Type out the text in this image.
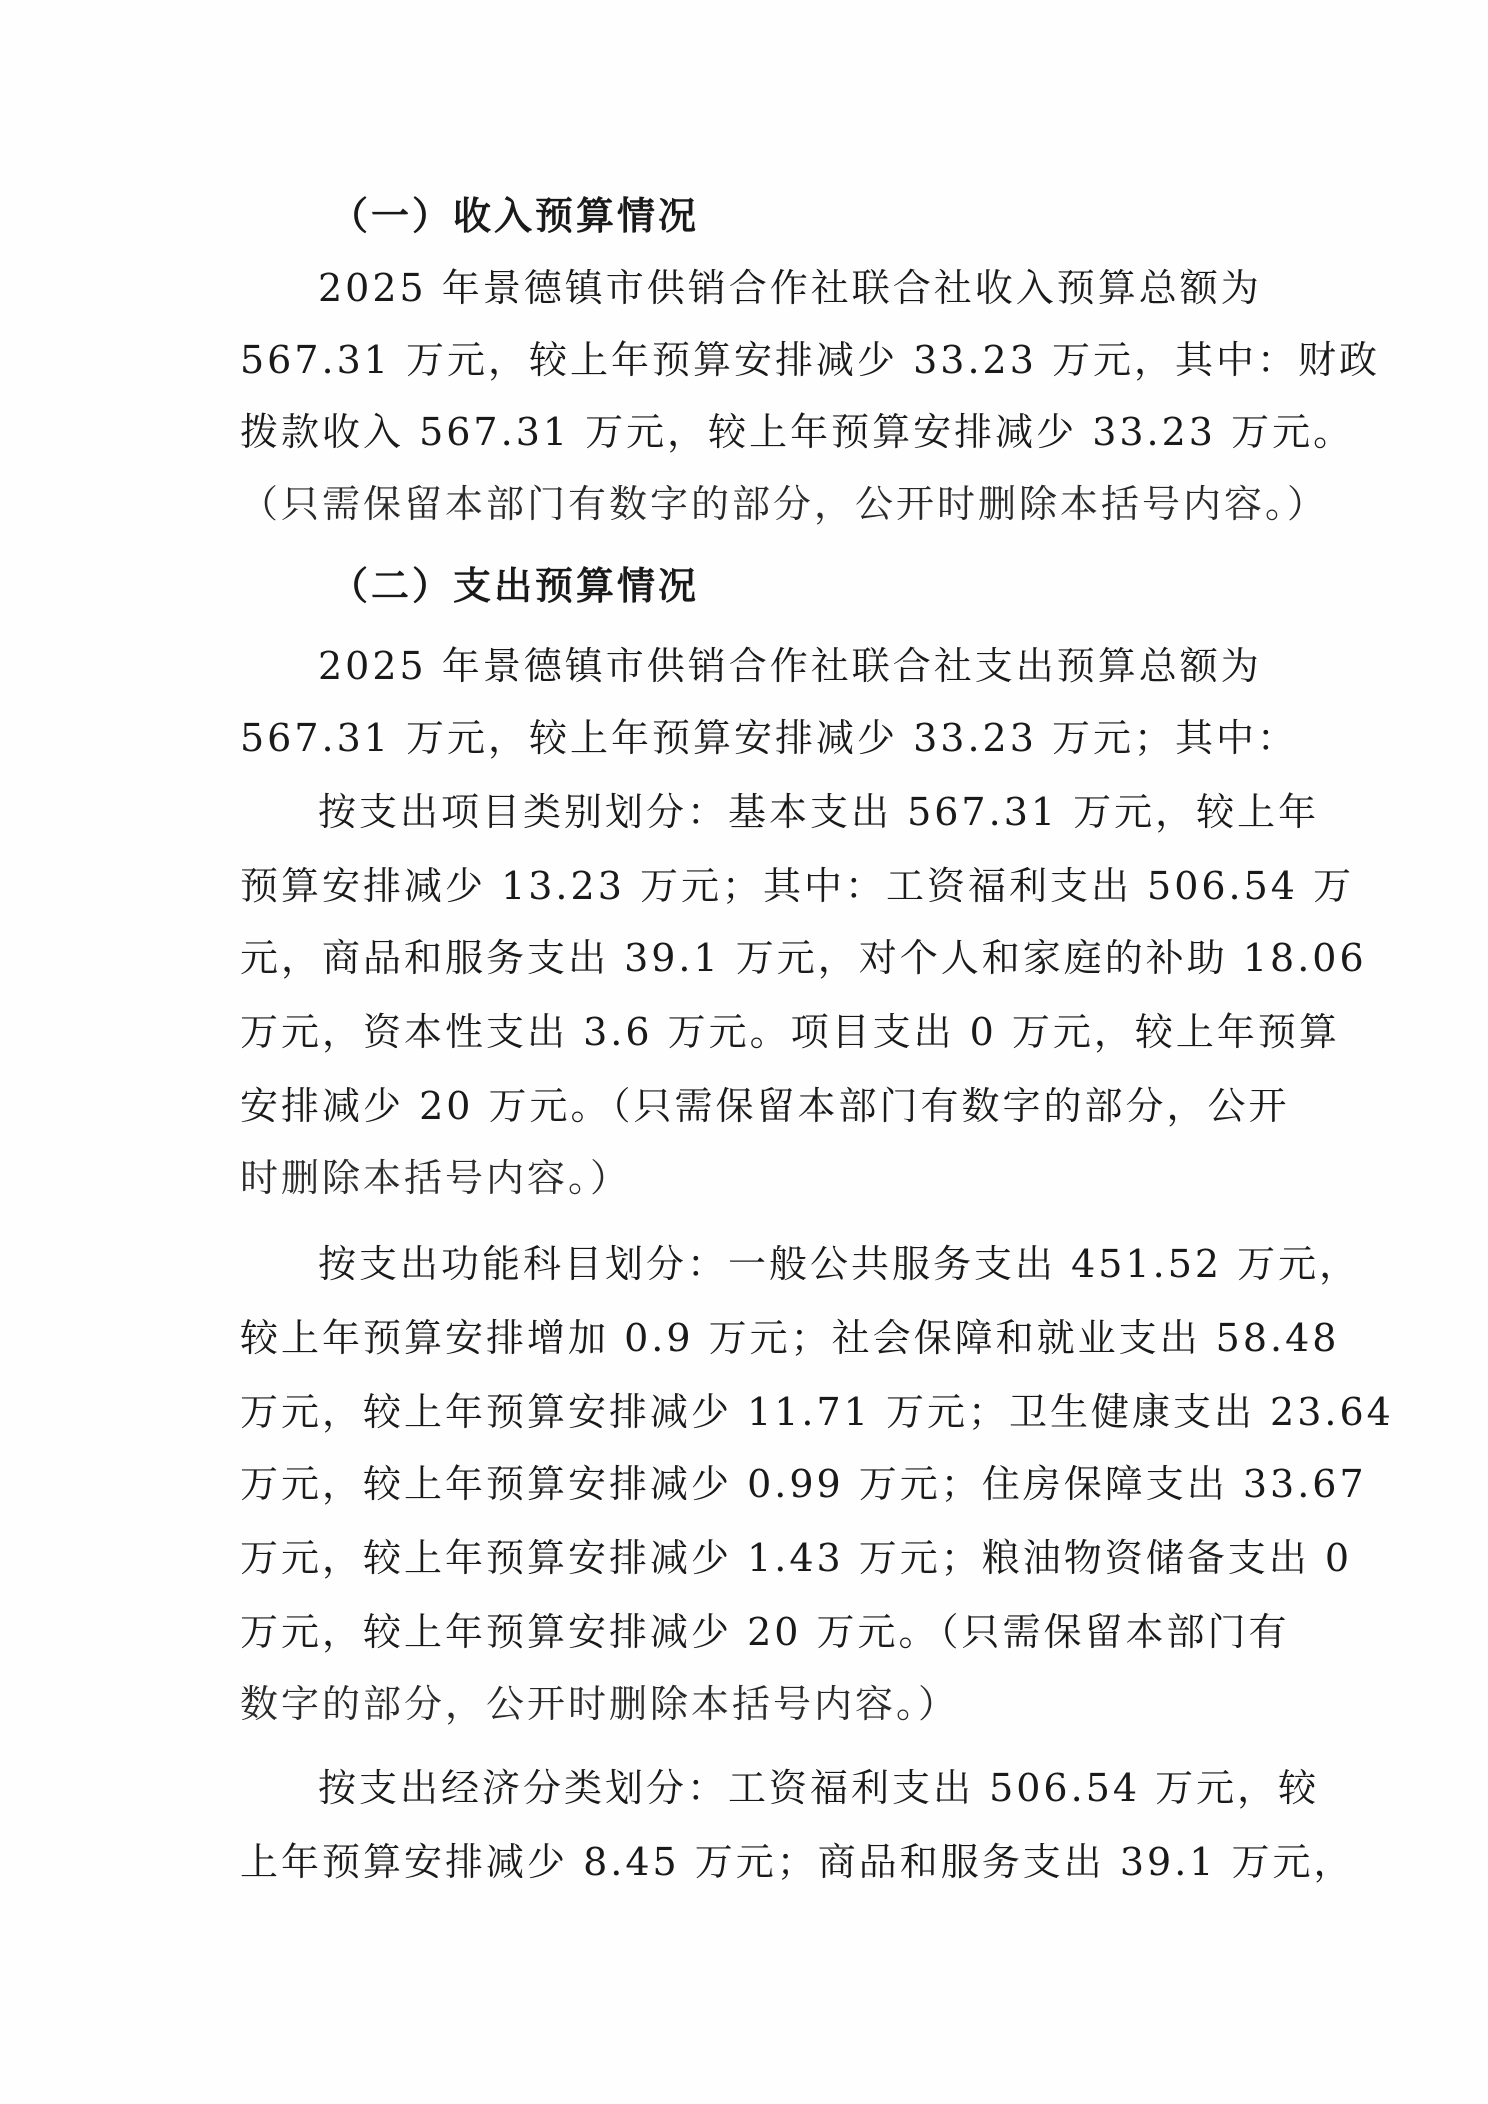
（一）收入预算情况
2025 年景德镇市供销合作社联合社收入预算总额为
567.31 万元，较上年预算安排减少 33.23 万元，其中：财政
拨款收入 567.31 万元，较上年预算安排减少 33.23 万元。
（只需保留本部门有数字的部分，公开时删除本括号内容。）
（二）支出预算情况
2025 年景德镇市供销合作社联合社支出预算总额为
567.31 万元，较上年预算安排减少 33.23 万元；其中：
按支出项目类别划分：基本支出 567.31 万元，较上年
预算安排减少 13.23 万元；其中：工资福利支出 506.54 万
元，商品和服务支出 39.1 万元，对个人和家庭的补助 18.06
万元，资本性支出 3.6 万元。项目支出 0 万元，较上年预算
安排减少 20 万元。（只需保留本部门有数字的部分，公开
时删除本括号内容。）
按支出功能科目划分：一般公共服务支出 451.52 万元，
较上年预算安排增加 0.9 万元；社会保障和就业支出 58.48
万元，较上年预算安排减少 11.71 万元；卫生健康支出 23.64
万元，较上年预算安排减少 0.99 万元；住房保障支出 33.67
万元，较上年预算安排减少 1.43 万元；粮油物资储备支出 0
万元，较上年预算安排减少 20 万元。（只需保留本部门有
数字的部分，公开时删除本括号内容。）
按支出经济分类划分：工资福利支出 506.54 万元，较
上年预算安排减少 8.45 万元；商品和服务支出 39.1 万元，
